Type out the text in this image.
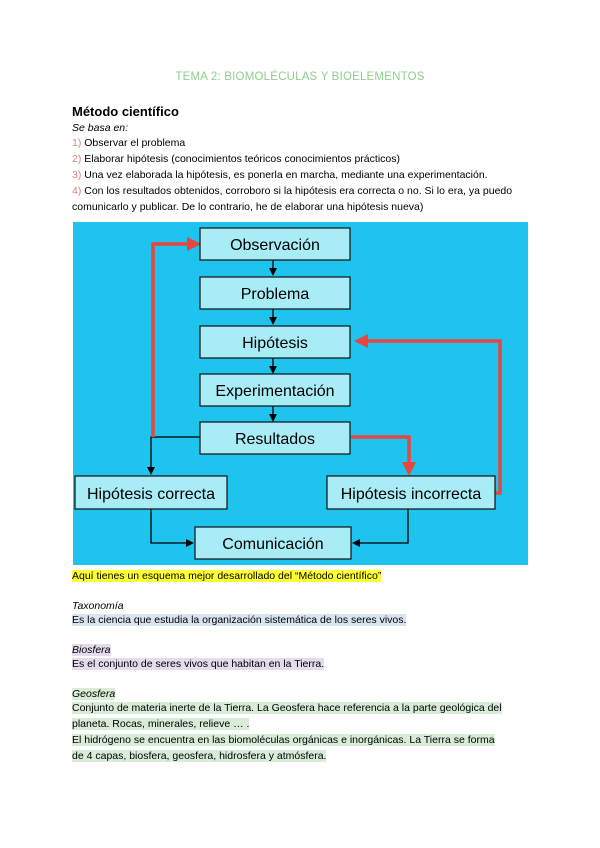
TEMA 2: BIOMOLÉCULAS Y BIOELEMENTOS
Método científico
Se basa en:
1) Observar el problema
2) Elaborar hipótesis (conocimientos teóricos conocimientos prácticos)
3) Una vez elaborada la hipótesis, es ponerla en marcha, mediante una experimentación.
4) Con los resultados obtenidos, corroboro si la hipótesis era correcta o no. Si lo era, ya puedo comunicarlo y publicar. De lo contrario, he de elaborar una hipótesis nueva)
Observación
Problema
Hipótesis
Experimentación
Resultados
Hipótesis correcta	Hipótesis incorrecta
Comunicación
Aquí tienes un esquema mejor desarrollado del “Método científico”
Taxonomía
Es la ciencia que estudia la organización sistemática de los seres vivos.
Biosfera
Es el conjunto de seres vivos que habitan en la Tierra.
Geosfera
Conjunto de materia inerte de la Tierra. La Geosfera hace referencia a la parte geológica del
planeta. Rocas, minerales, relieve … .
El hidrógeno se encuentra en las biomoléculas orgánicas e inorgánicas. La Tierra se forma
de 4 capas, biosfera, geosfera, hidrosfera y atmósfera.
